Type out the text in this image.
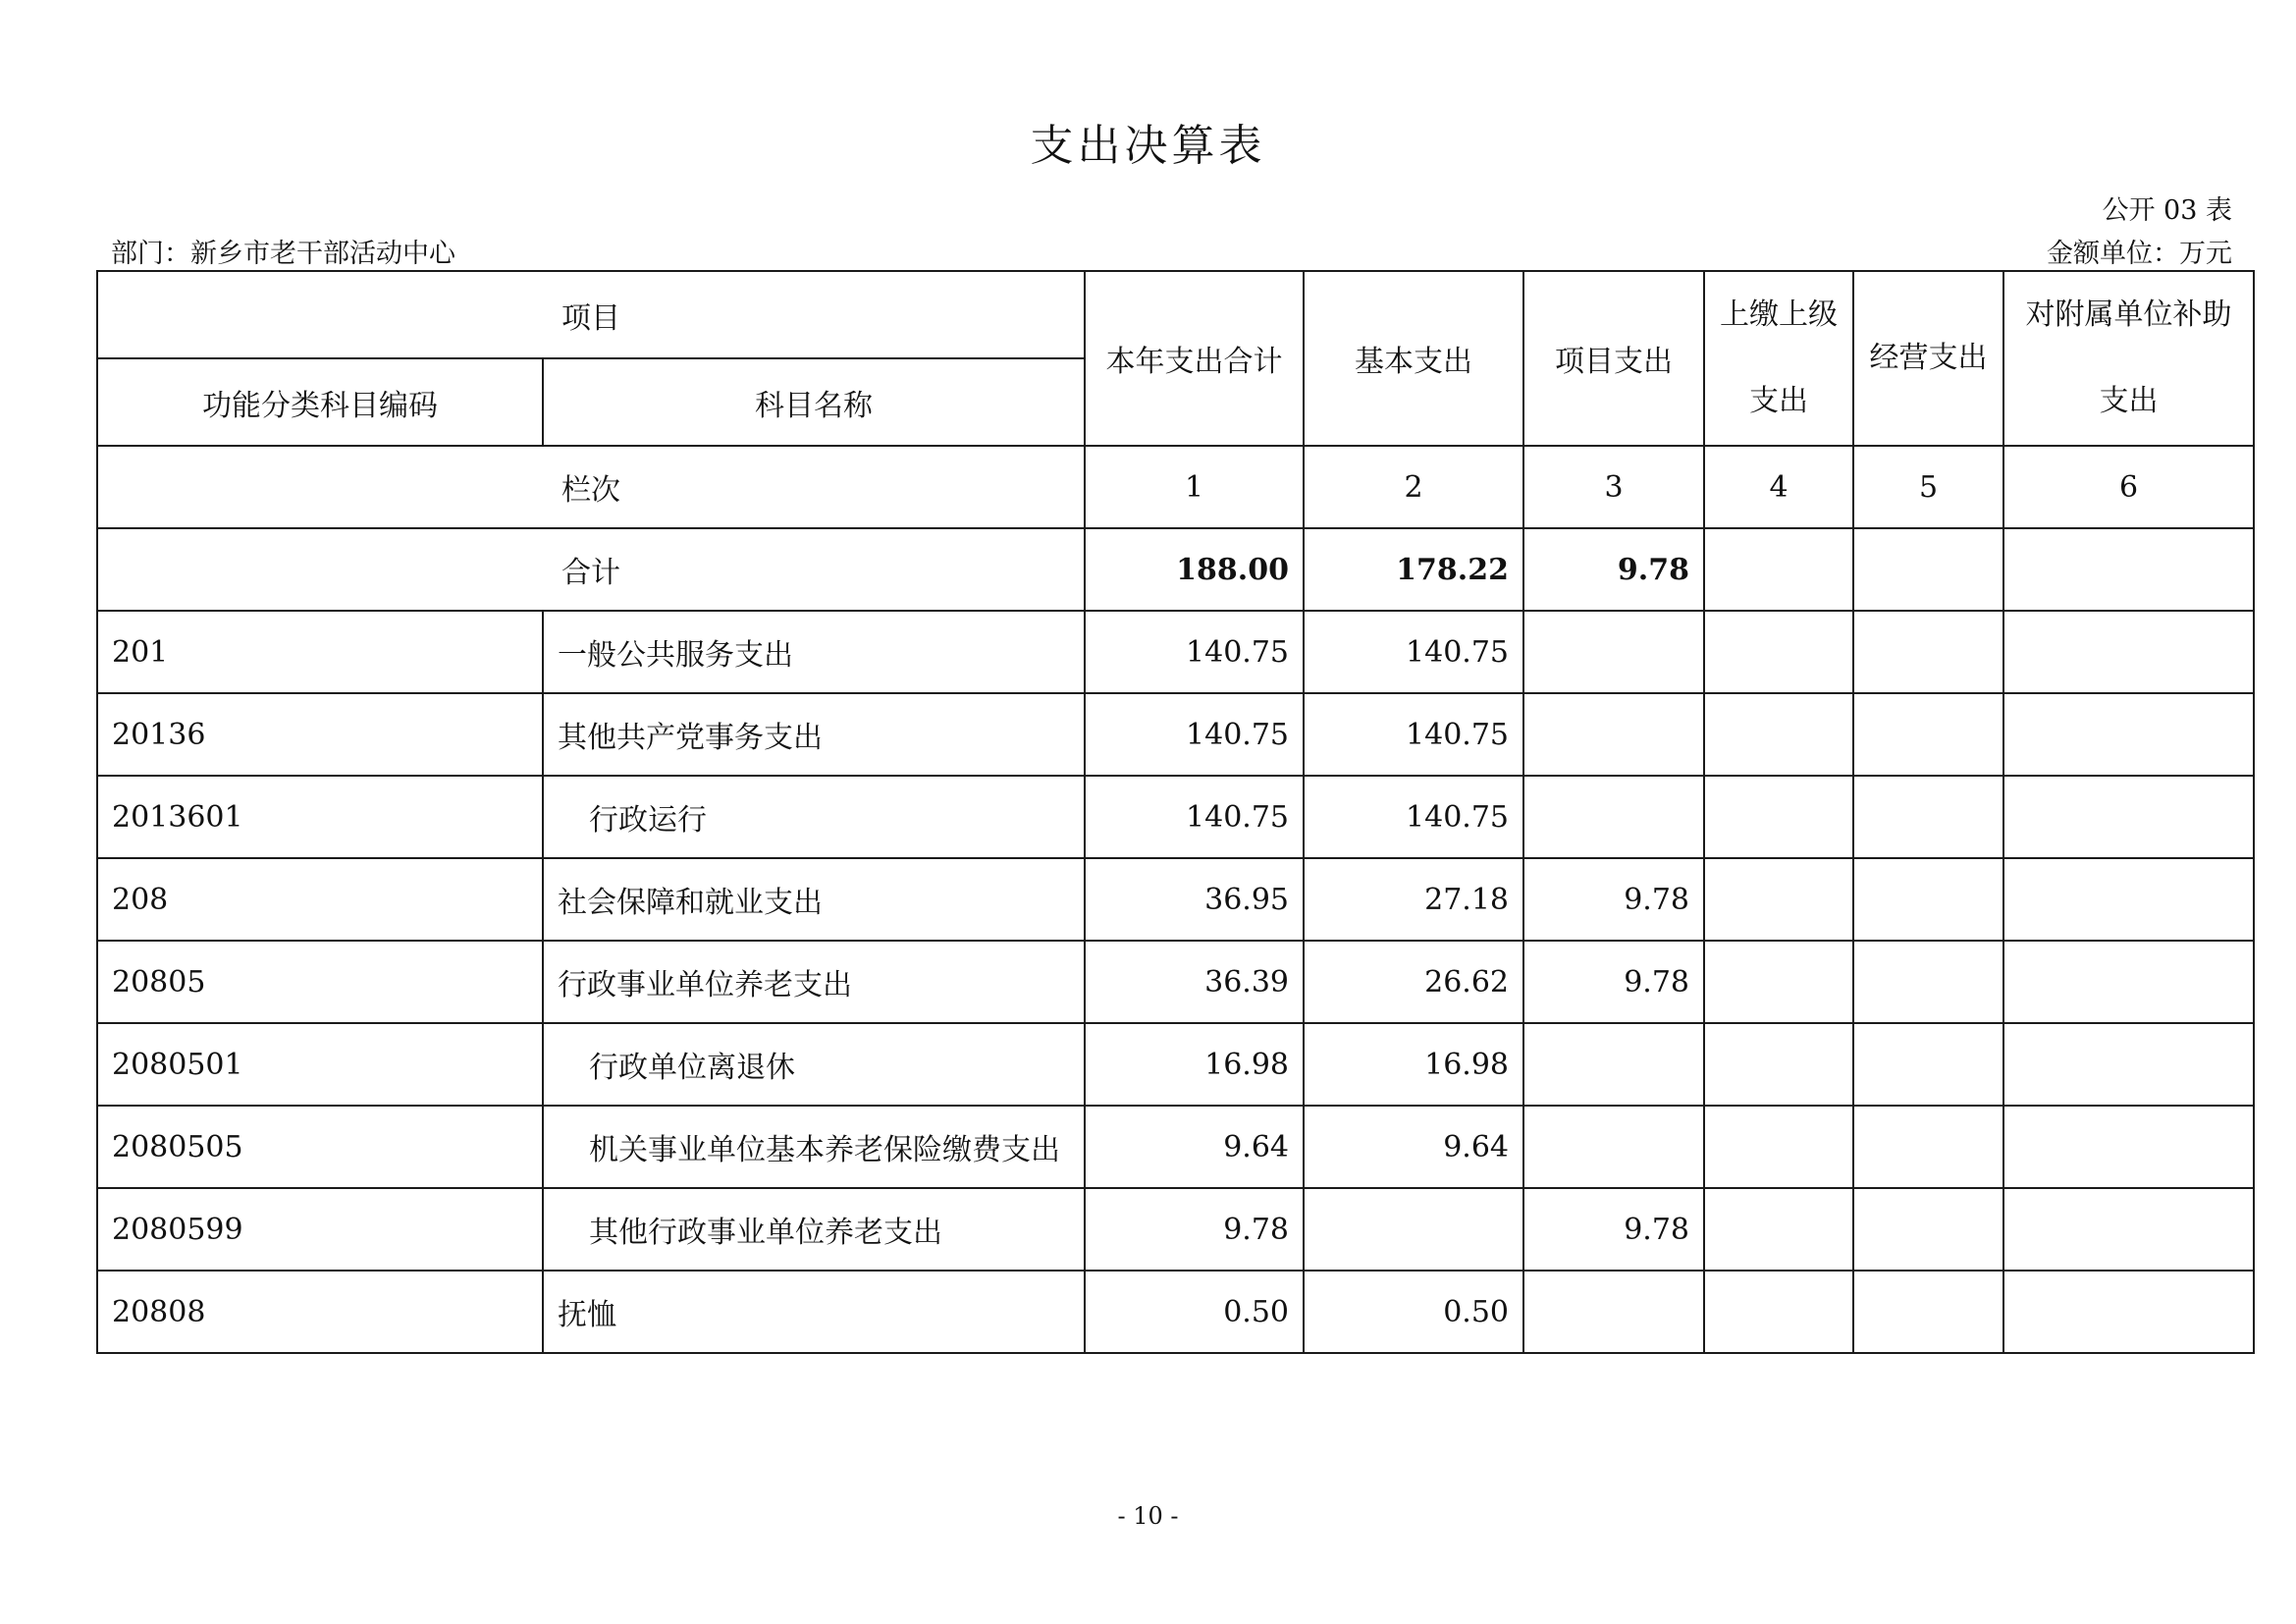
支出决算表
公开 03 表
部门：新乡市老干部活动中心	金额单位：万元
项目		本年支出合计	基本支出	项目支出	上缴上级支出	经营支出	对附属单位补助支出
功能分类科目编码	科目名称						
栏次		1	2	3	4	5	6
合计		188.00	178.22	9.78			
201	一般公共服务支出	140.75	140.75				
20136	其他共产党事务支出	140.75	140.75				
2013601	行政运行	140.75	140.75				
208	社会保障和就业支出	36.95	27.18	9.78			
20805	行政事业单位养老支出	36.39	26.62	9.78			
2080501	行政单位离退休	16.98	16.98				
2080505	机关事业单位基本养老保险缴费支出	9.64	9.64				
2080599	其他行政事业单位养老支出	9.78		9.78			
20808	抚恤	0.50	0.50				
- 10 -
